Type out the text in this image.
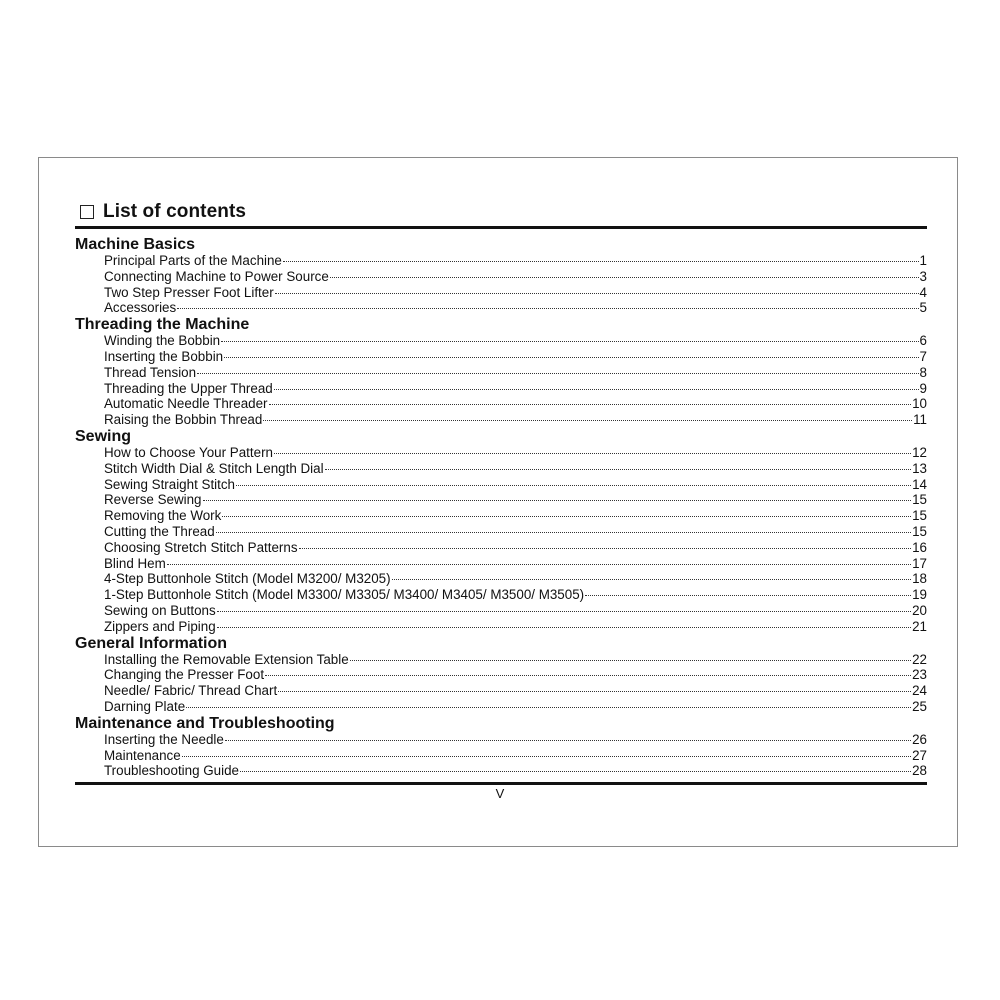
List of contents
Machine Basics
Principal Parts of the Machine	1
Connecting Machine to Power Source	3
Two Step Presser Foot Lifter	4
Accessories	5
Threading the Machine
Winding the Bobbin	6
Inserting the Bobbin	7
Thread Tension	8
Threading the Upper Thread	9
Automatic Needle Threader	10
Raising the Bobbin Thread	11
Sewing
How to Choose Your Pattern	12
Stitch Width Dial & Stitch Length Dial	13
Sewing Straight Stitch	14
Reverse Sewing	15
Removing the Work	15
Cutting the Thread	15
Choosing Stretch Stitch Patterns	16
Blind Hem	17
4-Step Buttonhole Stitch (Model M3200/ M3205)	18
1-Step Buttonhole Stitch (Model M3300/ M3305/ M3400/ M3405/ M3500/ M3505)	19
Sewing on Buttons	20
Zippers and Piping	21
General Information
Installing the Removable Extension Table	22
Changing the Presser Foot	23
Needle/ Fabric/ Thread Chart	24
Darning Plate	25
Maintenance and Troubleshooting
Inserting the Needle	26
Maintenance	27
Troubleshooting Guide	28
V
